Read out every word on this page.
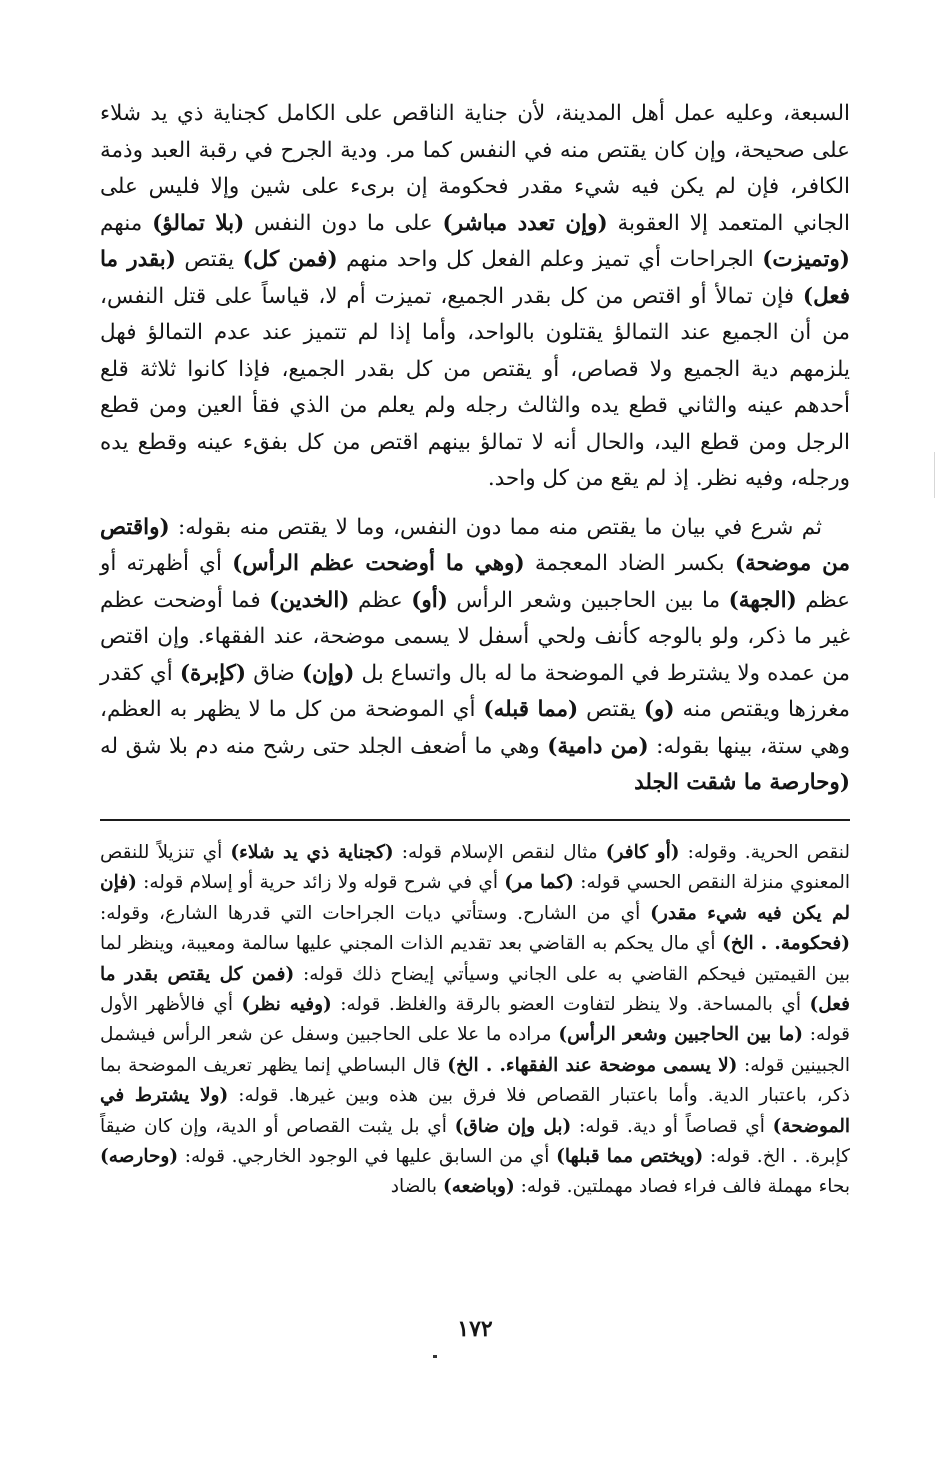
السبعة، وعليه عمل أهل المدينة، لأن جناية الناقص على الكامل كجناية ذي يد شلاء على صحيحة، وإن كان يقتص منه في النفس كما مر. ودية الجرح في رقبة العبد وذمة الكافر، فإن لم يكن فيه شيء مقدر فحكومة إن برىء على شين وإلا فليس على الجاني المتعمد إلا العقوبة (وإن تعدد مباشر) على ما دون النفس (بلا تمالؤ) منهم (وتميزت) الجراحات أي تميز وعلم الفعل كل واحد منهم (فمن كل) يقتص (بقدر ما فعل) فإن تمالأ أو اقتص من كل بقدر الجميع، تميزت أم لا، قياساً على قتل النفس، من أن الجميع عند التمالؤ يقتلون بالواحد، وأما إذا لم تتميز عند عدم التمالؤ فهل يلزمهم دية الجميع ولا قصاص، أو يقتص من كل بقدر الجميع، فإذا كانوا ثلاثة قلع أحدهم عينه والثاني قطع يده والثالث رجله ولم يعلم من الذي فقأ العين ومن قطع الرجل ومن قطع اليد، والحال أنه لا تمالؤ بينهم اقتص من كل بفقء عينه وقطع يده ورجله، وفيه نظر. إذ لم يقع من كل واحد.

ثم شرع في بيان ما يقتص منه مما دون النفس، وما لا يقتص منه بقوله: (واقتص من موضحة) بكسر الضاد المعجمة (وهي ما أوضحت عظم الرأس) أي أظهرته أو عظم (الجهة) ما بين الحاجبين وشعر الرأس (أو) عظم (الخدين) فما أوضحت عظم غير ما ذكر، ولو بالوجه كأنف ولحي أسفل لا يسمى موضحة، عند الفقهاء. وإن اقتص من عمده ولا يشترط في الموضحة ما له بال واتساع بل (وإن) ضاق (كإبرة) أي كقدر مغرزها ويقتص منه (و) يقتص (مما قبله) أي الموضحة من كل ما لا يظهر به العظم، وهي ستة، بينها بقوله: (من دامية) وهي ما أضعف الجلد حتى رشح منه دم بلا شق له (وحارصة ما شقت الجلد

لنقص الحرية. وقوله: (أو كافر) مثال لنقص الإسلام قوله: (كجناية ذي يد شلاء) أي تنزيلاً للنقص المعنوي منزلة النقص الحسي قوله: (كما مر) أي في شرح قوله ولا زائد حرية أو إسلام قوله: (فإن لم يكن فيه شيء مقدر) أي من الشارح. وستأتي ديات الجراحات التي قدرها الشارع، وقوله: (فحكومة. . الخ) أي مال يحكم به القاضي بعد تقديم الذات المجني عليها سالمة ومعيبة، وينظر لما بين القيمتين فيحكم القاضي به على الجاني وسيأتي إيضاح ذلك قوله: (فمن كل يقتص بقدر ما فعل) أي بالمساحة. ولا ينظر لتفاوت العضو بالرقة والغلظ. قوله: (وفيه نظر) أي فالأظهر الأول قوله: (ما بين الحاجبين وشعر الرأس) مراده ما علا على الحاجبين وسفل عن شعر الرأس فيشمل الجبينين قوله: (لا يسمى موضحة عند الفقهاء. . الخ) قال البساطي إنما يظهر تعريف الموضحة بما ذكر، باعتبار الدية. وأما باعتبار القصاص فلا فرق بين هذه وبين غيرها. قوله: (ولا يشترط في الموضحة) أي قصاصاً أو دية. قوله: (بل وإن ضاق) أي بل يثبت القصاص أو الدية، وإن كان ضيقاً كإبرة. . الخ. قوله: (ويختص مما قبلها) أي من السابق عليها في الوجود الخارجي. قوله: (وحارصه) بحاء مهملة فالف فراء فصاد مهملتين. قوله: (وباضعه) بالضاد
١٧٢
